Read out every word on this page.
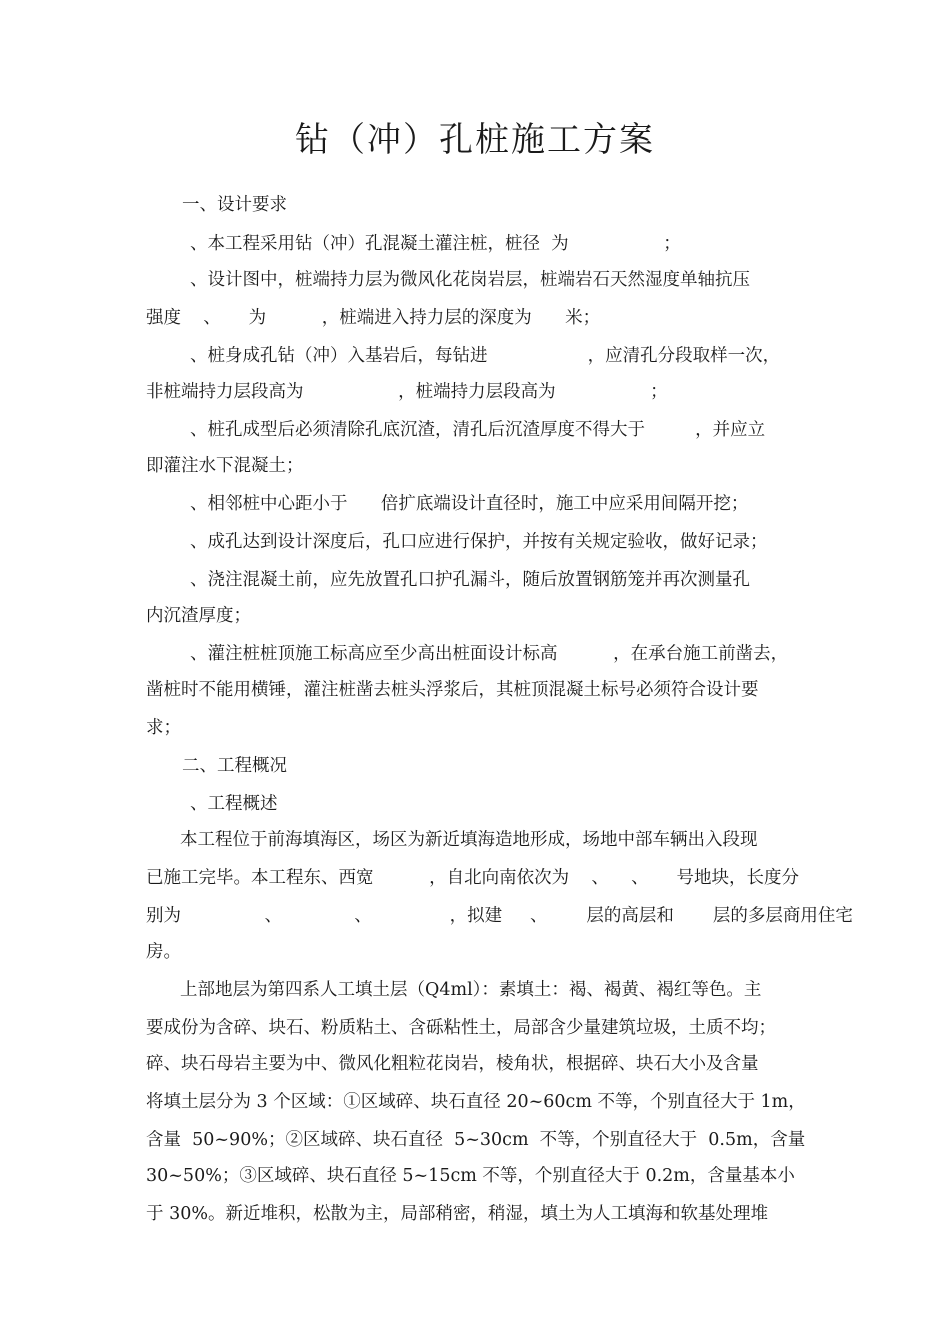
钻（冲）孔桩施工方案
一、设计要求
、本工程采用钻（冲）孔混凝土灌注桩，桩径  为                 ；
、设计图中，桩端持力层为微风化花岗岩层，桩端岩石天然湿度单轴抗压
强度    、     为          ，桩端进入持力层的深度为      米；
、桩身成孔钻（冲）入基岩后，每钻进                  ，应清孔分段取样一次，
非桩端持力层段高为                 ，桩端持力层段高为                 ；
、桩孔成型后必须清除孔底沉渣，清孔后沉渣厚度不得大于         ，并应立
即灌注水下混凝土；
、相邻桩中心距小于      倍扩底端设计直径时，施工中应采用间隔开挖；
、成孔达到设计深度后，孔口应进行保护，并按有关规定验收，做好记录；
、浇注混凝土前，应先放置孔口护孔漏斗，随后放置钢筋笼并再次测量孔
内沉渣厚度；
、灌注桩桩顶施工标高应至少高出桩面设计标高          ，在承台施工前凿去，
凿桩时不能用横锤，灌注桩凿去桩头浮浆后，其桩顶混凝土标号必须符合设计要
求；
二、工程概况
、工程概述
本工程位于前海填海区，场区为新近填海造地形成，场地中部车辆出入段现
已施工完毕。本工程东、西宽          ，自北向南依次为    、    、     号地块，长度分
别为               、             、              ，拟建     、       层的高层和       层的多层商用住宅
房。
上部地层为第四系人工填土层（Q4ml）：素填土：褐、褐黄、褐红等色。主
要成份为含碎、块石、粉质粘土、含砾粘性土，局部含少量建筑垃圾，土质不均；
碎、块石母岩主要为中、微风化粗粒花岗岩，棱角状，根据碎、块石大小及含量
将填土层分为 3 个区域：①区域碎、块石直径 20~60cm 不等，个别直径大于 1m，
含量  50~90%；②区域碎、块石直径  5~30cm  不等，个别直径大于  0.5m，含量
30~50%；③区域碎、块石直径 5~15cm 不等，个别直径大于 0.2m，含量基本小
于 30%。新近堆积，松散为主，局部稍密，稍湿，填土为人工填海和软基处理堆
